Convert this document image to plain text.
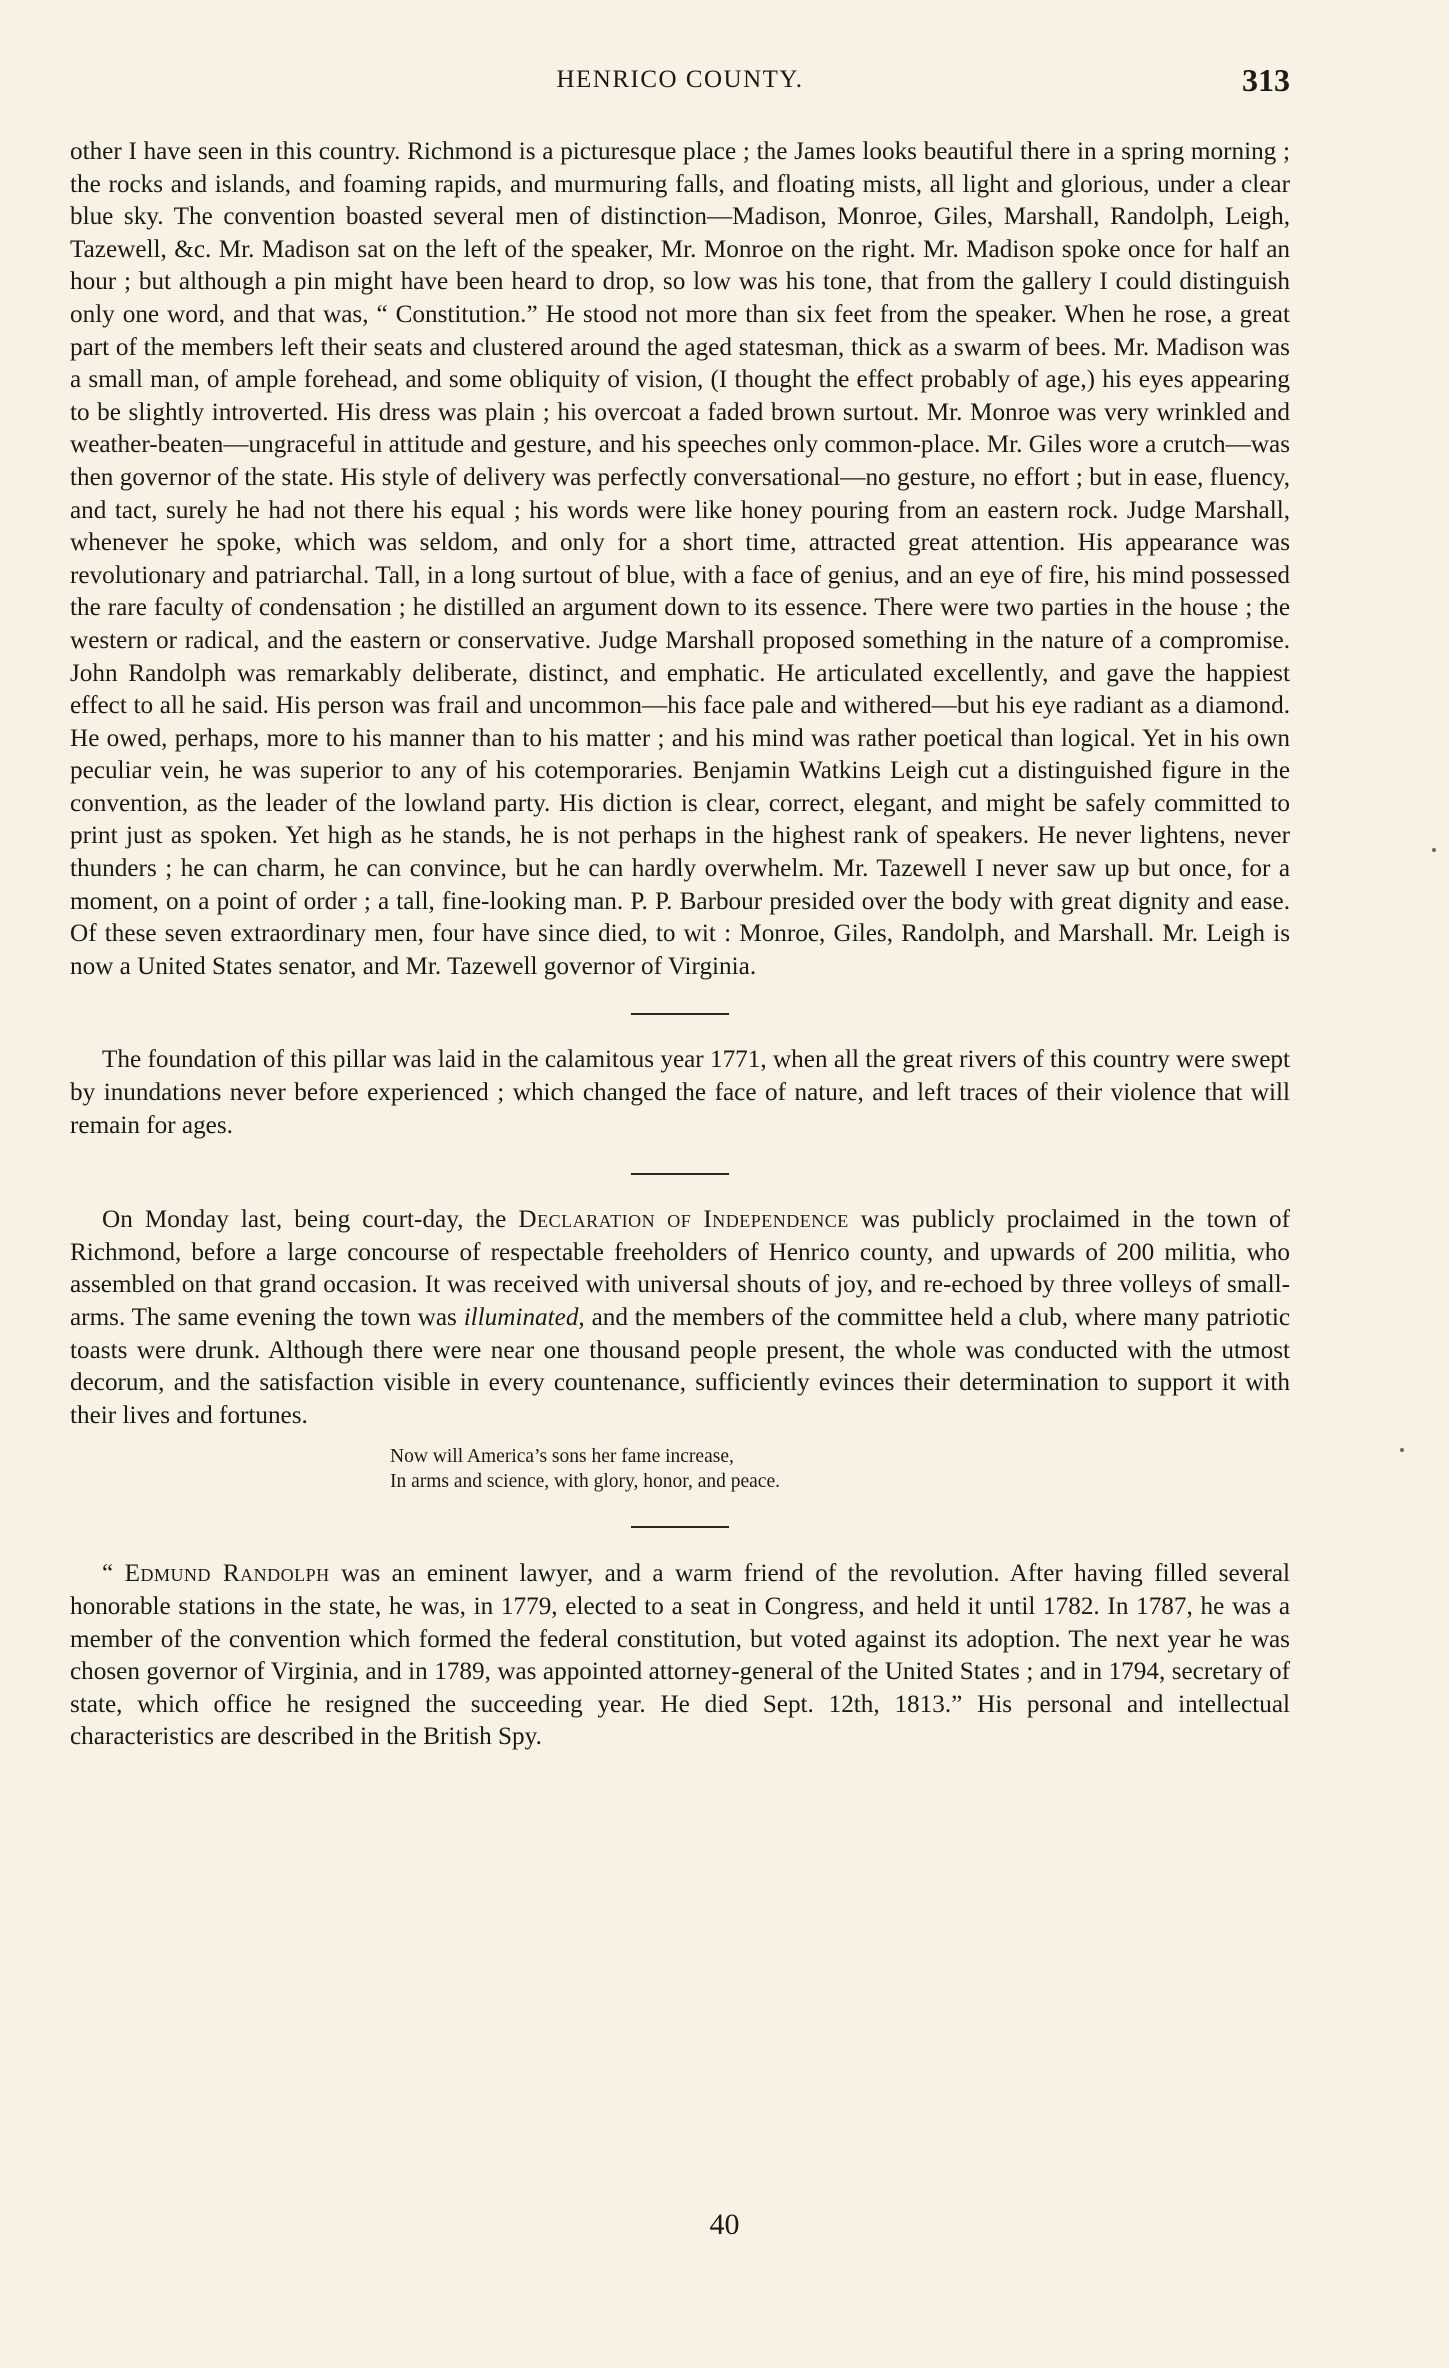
HENRICO COUNTY.	313

other I have seen in this country. Richmond is a picturesque place ; the James looks beautiful there in a spring morning ; the rocks and islands, and foaming rapids, and murmuring falls, and floating mists, all light and glorious, under a clear blue sky. The convention boasted several men of distinction—Madison, Monroe, Giles, Marshall, Randolph, Leigh, Tazewell, &c. Mr. Madison sat on the left of the speaker, Mr. Monroe on the right. Mr. Madison spoke once for half an hour ; but although a pin might have been heard to drop, so low was his tone, that from the gallery I could distinguish only one word, and that was, “ Constitution.” He stood not more than six feet from the speaker. When he rose, a great part of the members left their seats and clustered around the aged statesman, thick as a swarm of bees. Mr. Madison was a small man, of ample forehead, and some obliquity of vision, (I thought the effect probably of age,) his eyes appearing to be slightly introverted. His dress was plain ; his overcoat a faded brown surtout. Mr. Monroe was very wrinkled and weather-beaten—ungraceful in attitude and gesture, and his speeches only common-place. Mr. Giles wore a crutch—was then governor of the state. His style of delivery was perfectly conversational—no gesture, no effort ; but in ease, fluency, and tact, surely he had not there his equal ; his words were like honey pouring from an eastern rock. Judge Marshall, whenever he spoke, which was seldom, and only for a short time, attracted great attention. His appearance was revolutionary and patriarchal. Tall, in a long surtout of blue, with a face of genius, and an eye of fire, his mind possessed the rare faculty of condensation ; he distilled an argument down to its essence. There were two parties in the house ; the western or radical, and the eastern or conservative. Judge Marshall proposed something in the nature of a compromise. John Randolph was remarkably deliberate, distinct, and emphatic. He articulated excellently, and gave the happiest effect to all he said. His person was frail and uncommon—his face pale and withered—but his eye radiant as a diamond. He owed, perhaps, more to his manner than to his matter ; and his mind was rather poetical than logical. Yet in his own peculiar vein, he was superior to any of his cotemporaries. Benjamin Watkins Leigh cut a distinguished figure in the convention, as the leader of the lowland party. His diction is clear, correct, elegant, and might be safely committed to print just as spoken. Yet high as he stands, he is not perhaps in the highest rank of speakers. He never lightens, never thunders ; he can charm, he can convince, but he can hardly overwhelm. Mr. Tazewell I never saw up but once, for a moment, on a point of order ; a tall, fine-looking man. P. P. Barbour presided over the body with great dignity and ease. Of these seven extraordinary men, four have since died, to wit : Monroe, Giles, Randolph, and Marshall. Mr. Leigh is now a United States senator, and Mr. Tazewell governor of Virginia.

The foundation of this pillar was laid in the calamitous year 1771, when all the great rivers of this country were swept by inundations never before experienced ; which changed the face of nature, and left traces of their violence that will remain for ages.

On Monday last, being court-day, the Declaration of Independence was publicly proclaimed in the town of Richmond, before a large concourse of respectable freeholders of Henrico county, and upwards of 200 militia, who assembled on that grand occasion. It was received with universal shouts of joy, and re-echoed by three volleys of small-arms. The same evening the town was illuminated, and the members of the committee held a club, where many patriotic toasts were drunk. Although there were near one thousand people present, the whole was conducted with the utmost decorum, and the satisfaction visible in every countenance, sufficiently evinces their determination to support it with their lives and fortunes.

Now will America’s sons her fame increase,
In arms and science, with glory, honor, and peace.

“ Edmund Randolph was an eminent lawyer, and a warm friend of the revolution. After having filled several honorable stations in the state, he was, in 1779, elected to a seat in Congress, and held it until 1782. In 1787, he was a member of the convention which formed the federal constitution, but voted against its adoption. The next year he was chosen governor of Virginia, and in 1789, was appointed attorney-general of the United States ; and in 1794, secretary of state, which office he resigned the succeeding year. He died Sept. 12th, 1813.” His personal and intellectual characteristics are described in the British Spy.

40
